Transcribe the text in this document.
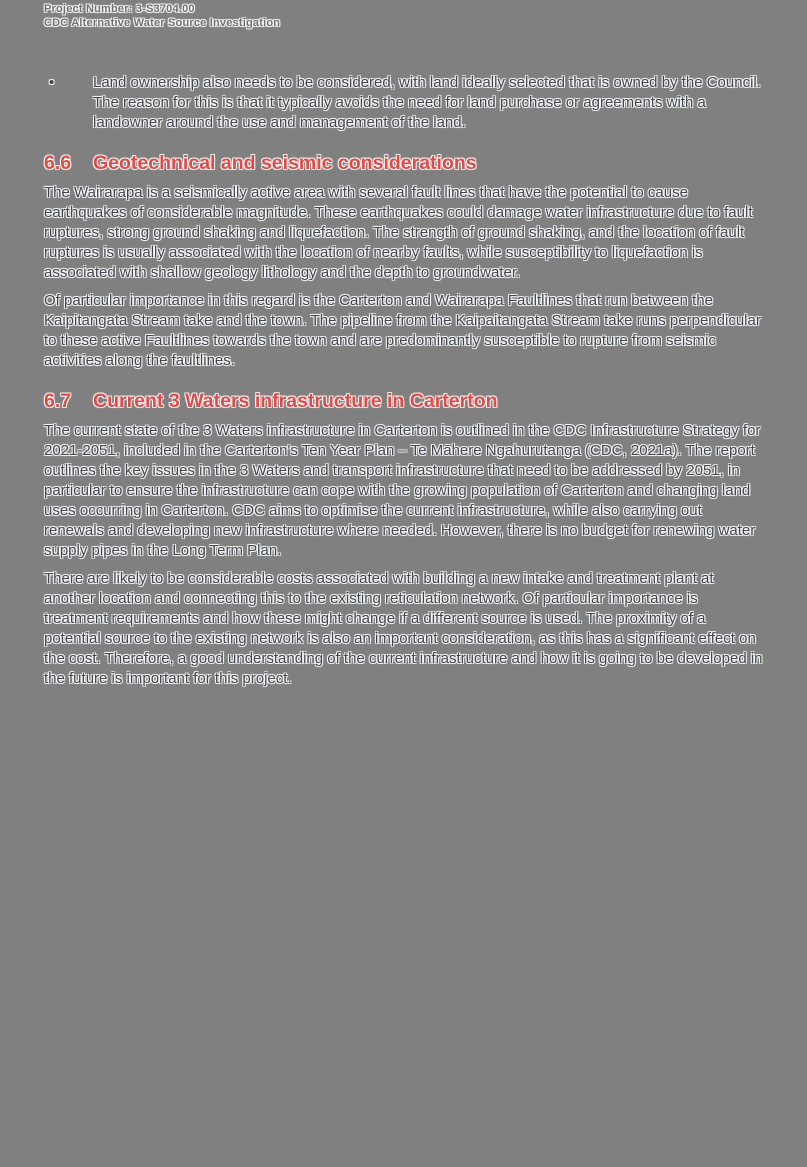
Project Number: 3-S3704.00
CDC Alternative Water Source Investigation
•	Land ownership also needs to be considered, with land ideally selected that is owned by the Council. The reason for this is that it typically avoids the need for land purchase or agreements with a landowner around the use and management of the land.
6.6	Geotechnical and seismic considerations

The Wairarapa is a seismically active area with several fault lines that have the potential to cause earthquakes of considerable magnitude. These earthquakes could damage water infrastructure due to fault ruptures, strong ground shaking and liquefaction. The strength of ground shaking, and the location of fault ruptures is usually associated with the location of nearby faults, while susceptibility to liquefaction is associated with shallow geology lithology and the depth to groundwater.

Of particular importance in this regard is the Carterton and Wairarapa Faultlines that run between the Kaipitangata Stream take and the town. The pipeline from the Kaipaitangata Stream take runs perpendicular to these active Faultlines towards the town and are predominantly susceptible to rupture from seismic activities along the faultlines.

6.7	Current 3 Waters infrastructure in Carterton

The current state of the 3 Waters infrastructure in Carterton is outlined in the CDC Infrastructure Strategy for 2021-2051, included in the Carterton's Ten Year Plan – Te Māhere Ngahurutanga (CDC, 2021a). The report outlines the key issues in the 3 Waters and transport infrastructure that need to be addressed by 2051, in particular to ensure the infrastructure can cope with the growing population of Carterton and changing land uses occurring in Carterton. CDC aims to optimise the current infrastructure, while also carrying out renewals and developing new infrastructure where needed. However, there is no budget for renewing water supply pipes in the Long Term Plan.

There are likely to be considerable costs associated with building a new intake and treatment plant at another location and connecting this to the existing reticulation network. Of particular importance is treatment requirements and how these might change if a different source is used. The proximity of a potential source to the existing network is also an important consideration, as this has a significant effect on the cost. Therefore, a good understanding of the current infrastructure and how it is going to be developed in the future is important for this project.
